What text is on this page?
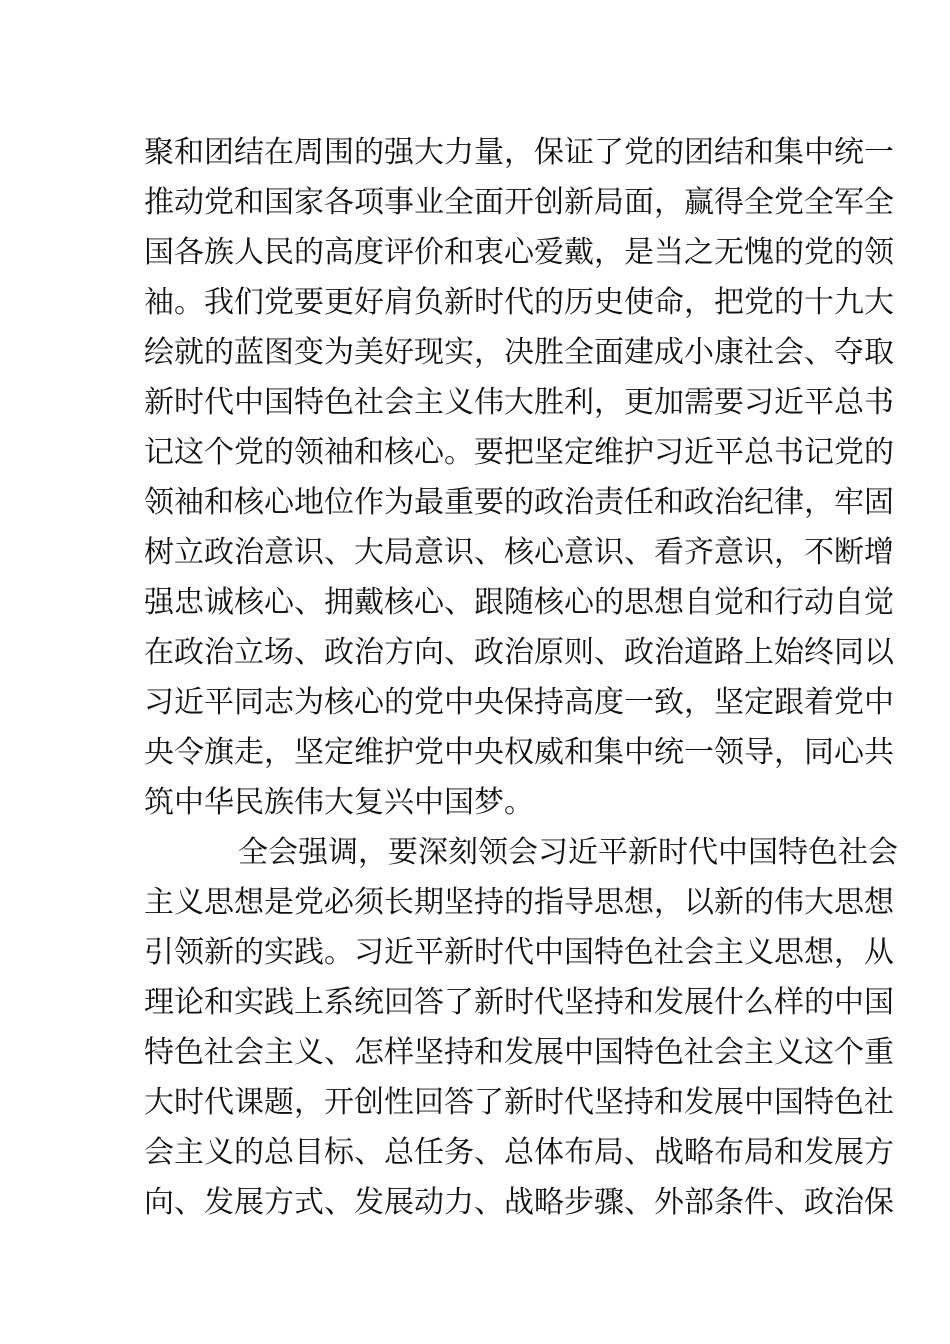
聚和团结在周围的强大力量，保证了党的团结和集中统一
推动党和国家各项事业全面开创新局面，赢得全党全军全
国各族人民的高度评价和衷心爱戴，是当之无愧的党的领
袖。我们党要更好肩负新时代的历史使命，把党的十九大
绘就的蓝图变为美好现实，决胜全面建成小康社会、夺取
新时代中国特色社会主义伟大胜利，更加需要习近平总书
记这个党的领袖和核心。要把坚定维护习近平总书记党的
领袖和核心地位作为最重要的政治责任和政治纪律，牢固
树立政治意识、大局意识、核心意识、看齐意识，不断增
强忠诚核心、拥戴核心、跟随核心的思想自觉和行动自觉
在政治立场、政治方向、政治原则、政治道路上始终同以
习近平同志为核心的党中央保持高度一致，坚定跟着党中
央令旗走，坚定维护党中央权威和集中统一领导，同心共
筑中华民族伟大复兴中国梦。
全会强调，要深刻领会习近平新时代中国特色社会
主义思想是党必须长期坚持的指导思想，以新的伟大思想
引领新的实践。习近平新时代中国特色社会主义思想，从
理论和实践上系统回答了新时代坚持和发展什么样的中国
特色社会主义、怎样坚持和发展中国特色社会主义这个重
大时代课题，开创性回答了新时代坚持和发展中国特色社
会主义的总目标、总任务、总体布局、战略布局和发展方
向、发展方式、发展动力、战略步骤、外部条件、政治保
